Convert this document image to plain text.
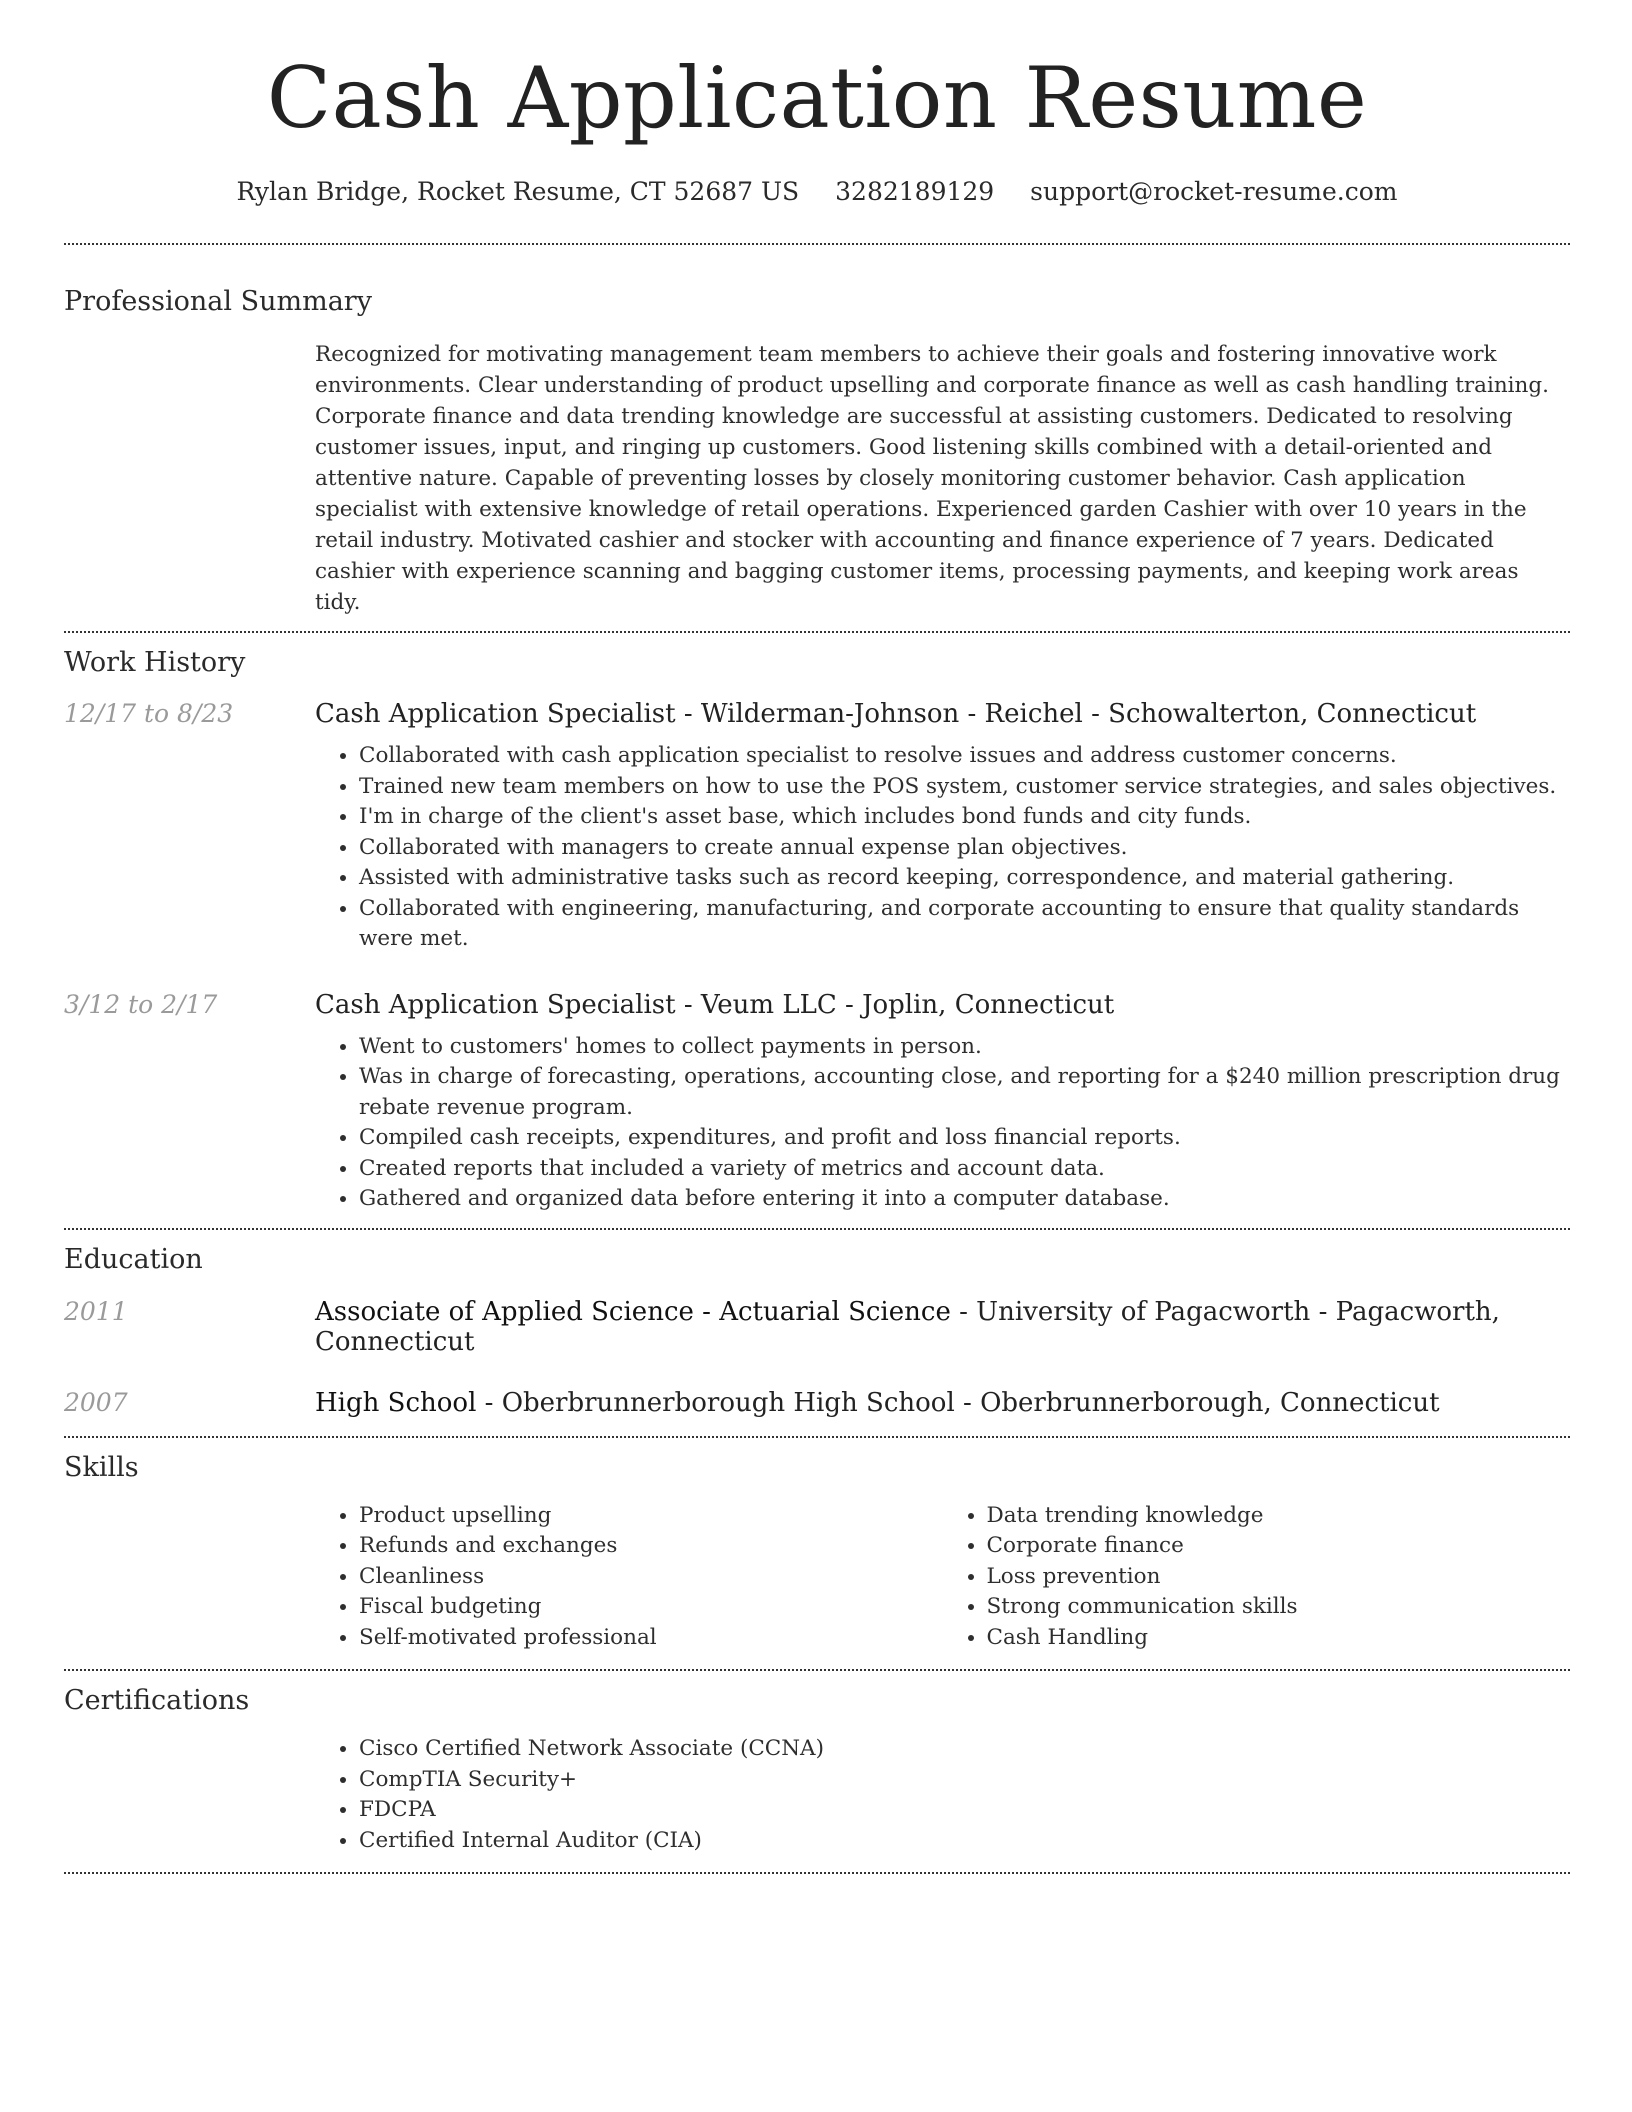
Cash Application Resume
Rylan Bridge, Rocket Resume, CT 52687 US 3282189129 support@rocket-resume.com
Professional Summary
Recognized for motivating management team members to achieve their goals and fostering innovative work environments. Clear understanding of product upselling and corporate finance as well as cash handling training. Corporate finance and data trending knowledge are successful at assisting customers. Dedicated to resolving customer issues, input, and ringing up customers. Good listening skills combined with a detail-oriented and attentive nature. Capable of preventing losses by closely monitoring customer behavior. Cash application specialist with extensive knowledge of retail operations. Experienced garden Cashier with over 10 years in the retail industry. Motivated cashier and stocker with accounting and finance experience of 7 years. Dedicated cashier with experience scanning and bagging customer items, processing payments, and keeping work areas tidy.
Work History
12/17 to 8/23	Cash Application Specialist - Wilderman-Johnson - Reichel - Schowalterton, Connecticut
• Collaborated with cash application specialist to resolve issues and address customer concerns.
• Trained new team members on how to use the POS system, customer service strategies, and sales objectives.
• I'm in charge of the client's asset base, which includes bond funds and city funds.
• Collaborated with managers to create annual expense plan objectives.
• Assisted with administrative tasks such as record keeping, correspondence, and material gathering.
• Collaborated with engineering, manufacturing, and corporate accounting to ensure that quality standards were met.
3/12 to 2/17	Cash Application Specialist - Veum LLC - Joplin, Connecticut
• Went to customers' homes to collect payments in person.
• Was in charge of forecasting, operations, accounting close, and reporting for a $240 million prescription drug rebate revenue program.
• Compiled cash receipts, expenditures, and profit and loss financial reports.
• Created reports that included a variety of metrics and account data.
• Gathered and organized data before entering it into a computer database.
Education
2011	Associate of Applied Science - Actuarial Science - University of Pagacworth - Pagacworth, Connecticut
2007	High School - Oberbrunnerborough High School - Oberbrunnerborough, Connecticut
Skills
• Product upselling
• Refunds and exchanges
• Cleanliness
• Fiscal budgeting
• Self-motivated professional
• Data trending knowledge
• Corporate finance
• Loss prevention
• Strong communication skills
• Cash Handling
Certifications
• Cisco Certified Network Associate (CCNA)
• CompTIA Security+
• FDCPA
• Certified Internal Auditor (CIA)
